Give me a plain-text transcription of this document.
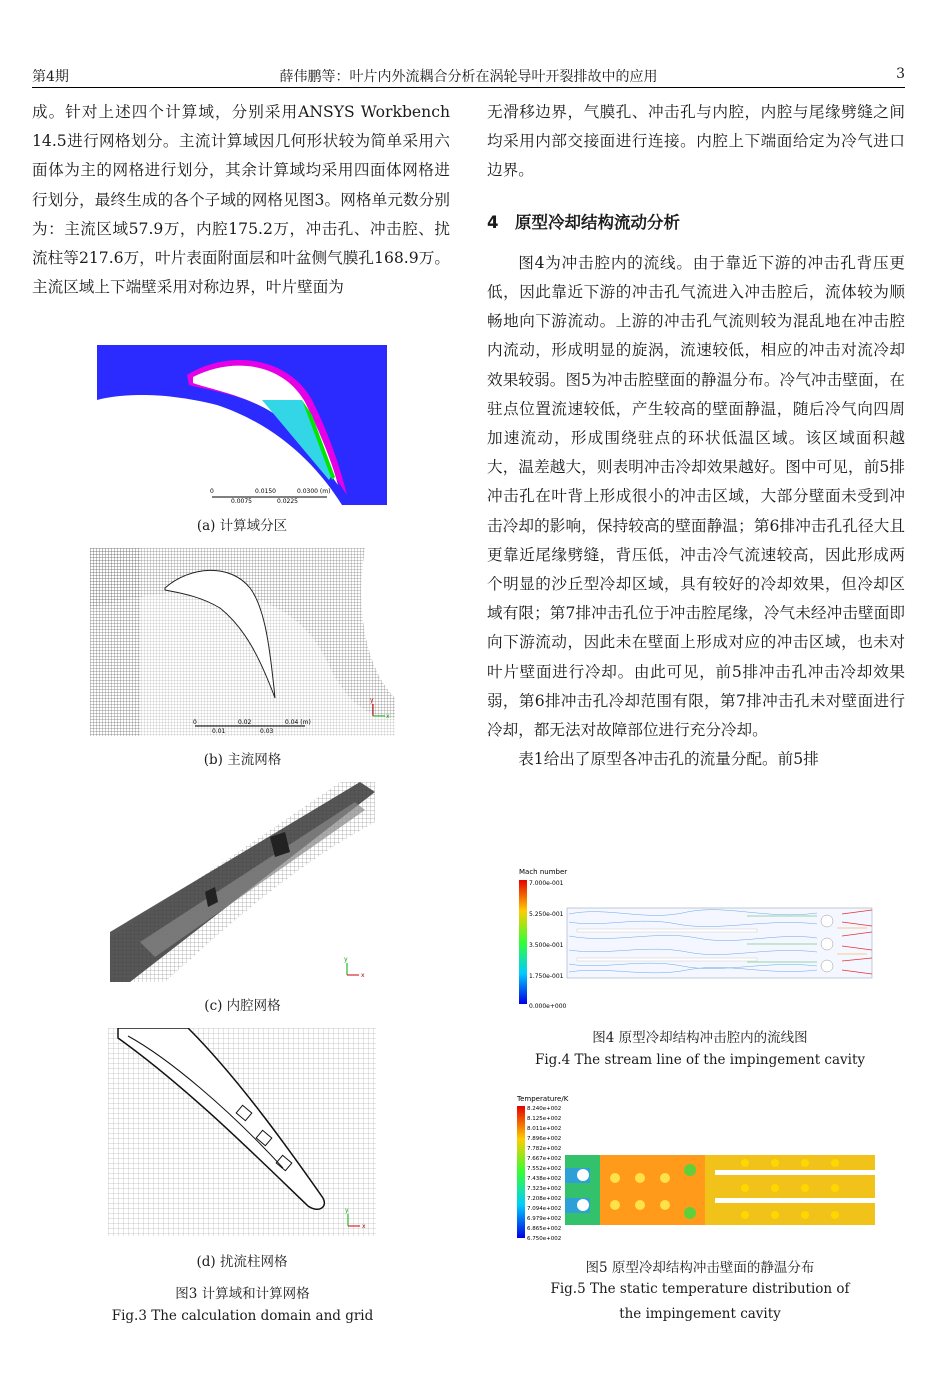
第4期	薛伟鹏等：叶片内外流耦合分析在涡轮导叶开裂排故中的应用	3

成。针对上述四个计算域，分别采用ANSYS Workbench 14.5进行网格划分。主流计算域因几何形状较为简单采用六面体为主的网格进行划分，其余计算域均采用四面体网格进行划分，最终生成的各个子域的网格见图3。网格单元数分别为：主流区域57.9万，内腔175.2万，冲击孔、冲击腔、扰流柱等217.6万，叶片表面附面层和叶盆侧气膜孔168.9万。主流区域上下端壁采用对称边界，叶片壁面为

无滑移边界，气膜孔、冲击孔与内腔，内腔与尾缘劈缝之间均采用内部交接面进行连接。内腔上下端面给定为冷气进口边界。

4　原型冷却结构流动分析

图4为冲击腔内的流线。由于靠近下游的冲击孔背压更低，因此靠近下游的冲击孔气流进入冲击腔后，流体较为顺畅地向下游流动。上游的冲击孔气流则较为混乱地在冲击腔内流动，形成明显的旋涡，流速较低，相应的冲击对流冷却效果较弱。图5为冲击腔壁面的静温分布。冷气冲击壁面，在驻点位置流速较低，产生较高的壁面静温，随后冷气向四周加速流动，形成围绕驻点的环状低温区域。该区域面积越大，温差越大，则表明冲击冷却效果越好。图中可见，前5排冲击孔在叶背上形成很小的冲击区域，大部分壁面未受到冲击冷却的影响，保持较高的壁面静温；第6排冲击孔孔径大且更靠近尾缘劈缝，背压低，冲击冷气流速较高，因此形成两个明显的沙丘型冷却区域，具有较好的冷却效果，但冷却区域有限；第7排冲击孔位于冲击腔尾缘，冷气未经冲击壁面即向下游流动，因此未在壁面上形成对应的冲击区域，也未对叶片壁面进行冷却。由此可见，前5排冲击孔冲击冷却效果弱，第6排冲击孔冷却范围有限，第7排冲击孔未对壁面进行冷却，都无法对故障部位进行充分冷却。

表1给出了原型各冲击孔的流量分配。前5排

0	0.0150	0.0300 (m)
0.0075	0.0225
(a) 计算域分区
0	0.02	0.04 (m)
0.01	0.03
y
x
(b) 主流网格
y
x
(c) 内腔网格
y
x
(d) 扰流柱网格
图3 计算域和计算网格
Fig.3 The calculation domain and grid
Mach number
7.000e-001
5.250e-001
3.500e-001
1.750e-001
0.000e+000
图4 原型冷却结构冲击腔内的流线图
Fig.4 The stream line of the impingement cavity
Temperature/K
8.240e+002
8.125e+002
8.011e+002
7.896e+002
7.782e+002
7.667e+002
7.552e+002
7.438e+002
7.323e+002
7.208e+002
7.094e+002
6.979e+002
6.865e+002
6.750e+002
图5 原型冷却结构冲击壁面的静温分布
Fig.5 The static temperature distribution of
the impingement cavity
